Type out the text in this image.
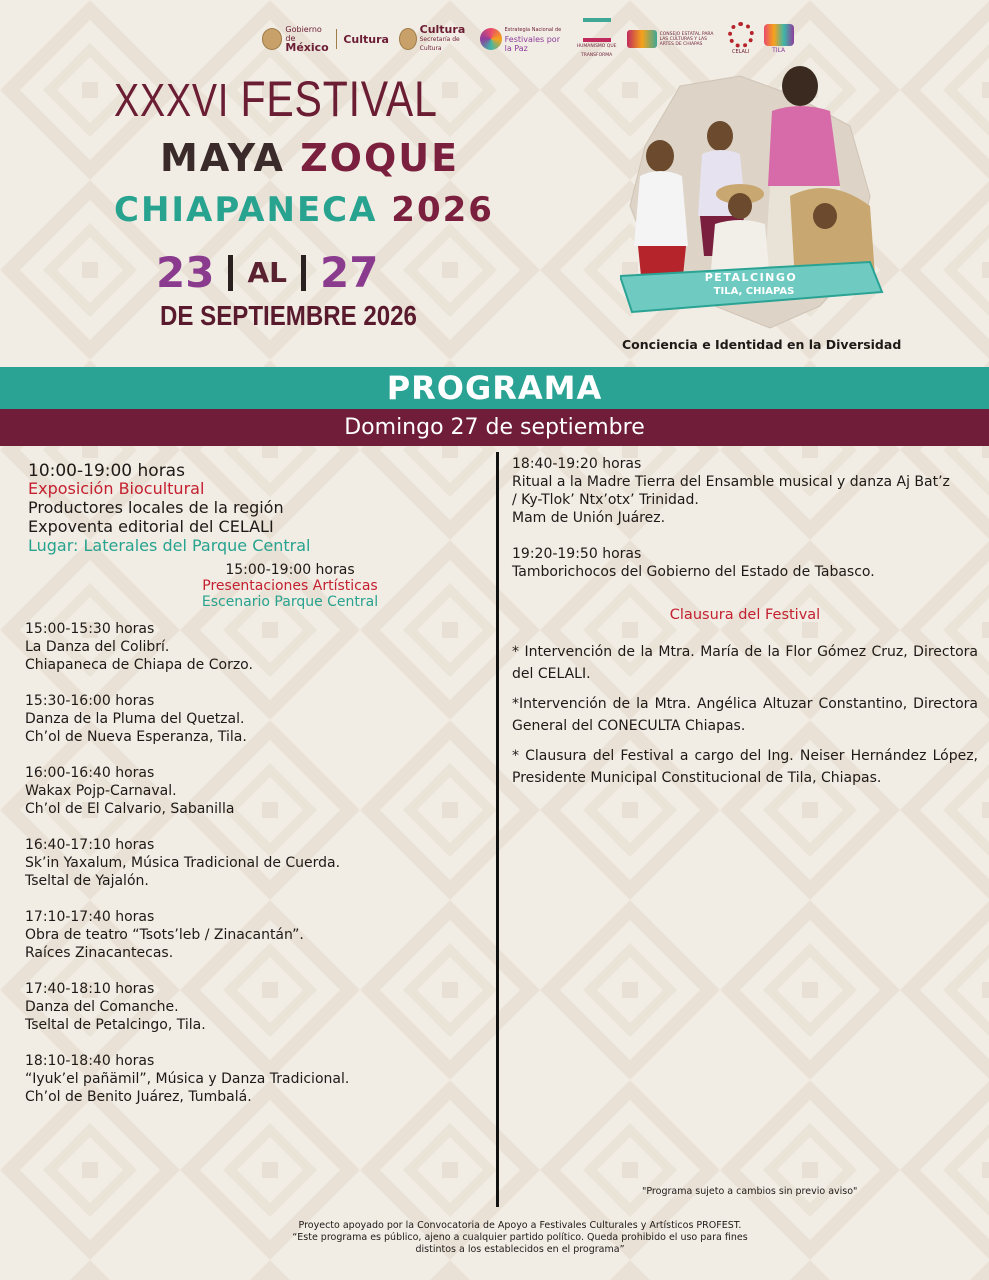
Gobierno de
México
Cultura
Cultura
Secretaría de Cultura
Estrategia Nacional de
Festivales por la Paz	HUMANISMO QUE TRANSFORMA
CONSEJO ESTATAL PARA LAS CULTURAS Y LAS ARTES DE CHIAPAS
CELALI	TILA
XXXVI FESTIVAL
MAYA ZOQUE
CHIAPANECA 2026
23 AL 27
DE SEPTIEMBRE 2026
PETALCINGO
TILA, CHIAPAS
Conciencia e Identidad en la Diversidad
PROGRAMA
Domingo 27 de septiembre
10:00-19:00 horas
Exposición Biocultural
Productores locales de la región
Expoventa editorial del CELALI
Lugar: Laterales del Parque Central
15:00-19:00 horas
Presentaciones Artísticas
Escenario Parque Central
15:00-15:30 horas
La Danza del Colibrí.
Chiapaneca de Chiapa de Corzo.
15:30-16:00 horas
Danza de la Pluma del Quetzal.
Ch’ol de Nueva Esperanza, Tila.
16:00-16:40 horas
Wakax Pojp-Carnaval.
Ch’ol de El Calvario, Sabanilla
16:40-17:10 horas
Sk’in Yaxalum, Música Tradicional de Cuerda.
Tseltal de Yajalón.
17:10-17:40 horas
Obra de teatro “Tsots’leb / Zinacantán”.
Raíces Zinacantecas.
17:40-18:10 horas
Danza del Comanche.
Tseltal de Petalcingo, Tila.
18:10-18:40 horas
“Iyuk’el pañämil”, Música y Danza Tradicional.
Ch’ol de Benito Juárez, Tumbalá.
18:40-19:20 horas
Ritual a la Madre Tierra del Ensamble musical y danza Aj Bat’z
/ Ky-Tlok’ Ntx’otx’ Trinidad.
Mam de Unión Juárez.
19:20-19:50 horas
Tamborichocos del Gobierno del Estado de Tabasco.
Clausura del Festival
* Intervención de la Mtra. María de la Flor Gómez Cruz, Directora del CELALI.
*Intervención de la Mtra. Angélica Altuzar Constantino, Directora General del CONECULTA Chiapas.
* Clausura del Festival a cargo del Ing. Neiser Hernández López, Presidente Municipal Constitucional de Tila, Chiapas.
"Programa sujeto a cambios sin previo aviso"
Proyecto apoyado por la Convocatoria de Apoyo a Festivales Culturales y Artísticos PROFEST.
“Este programa es público, ajeno a cualquier partido político. Queda prohibido el uso para fines
distintos a los establecidos en el programa”
